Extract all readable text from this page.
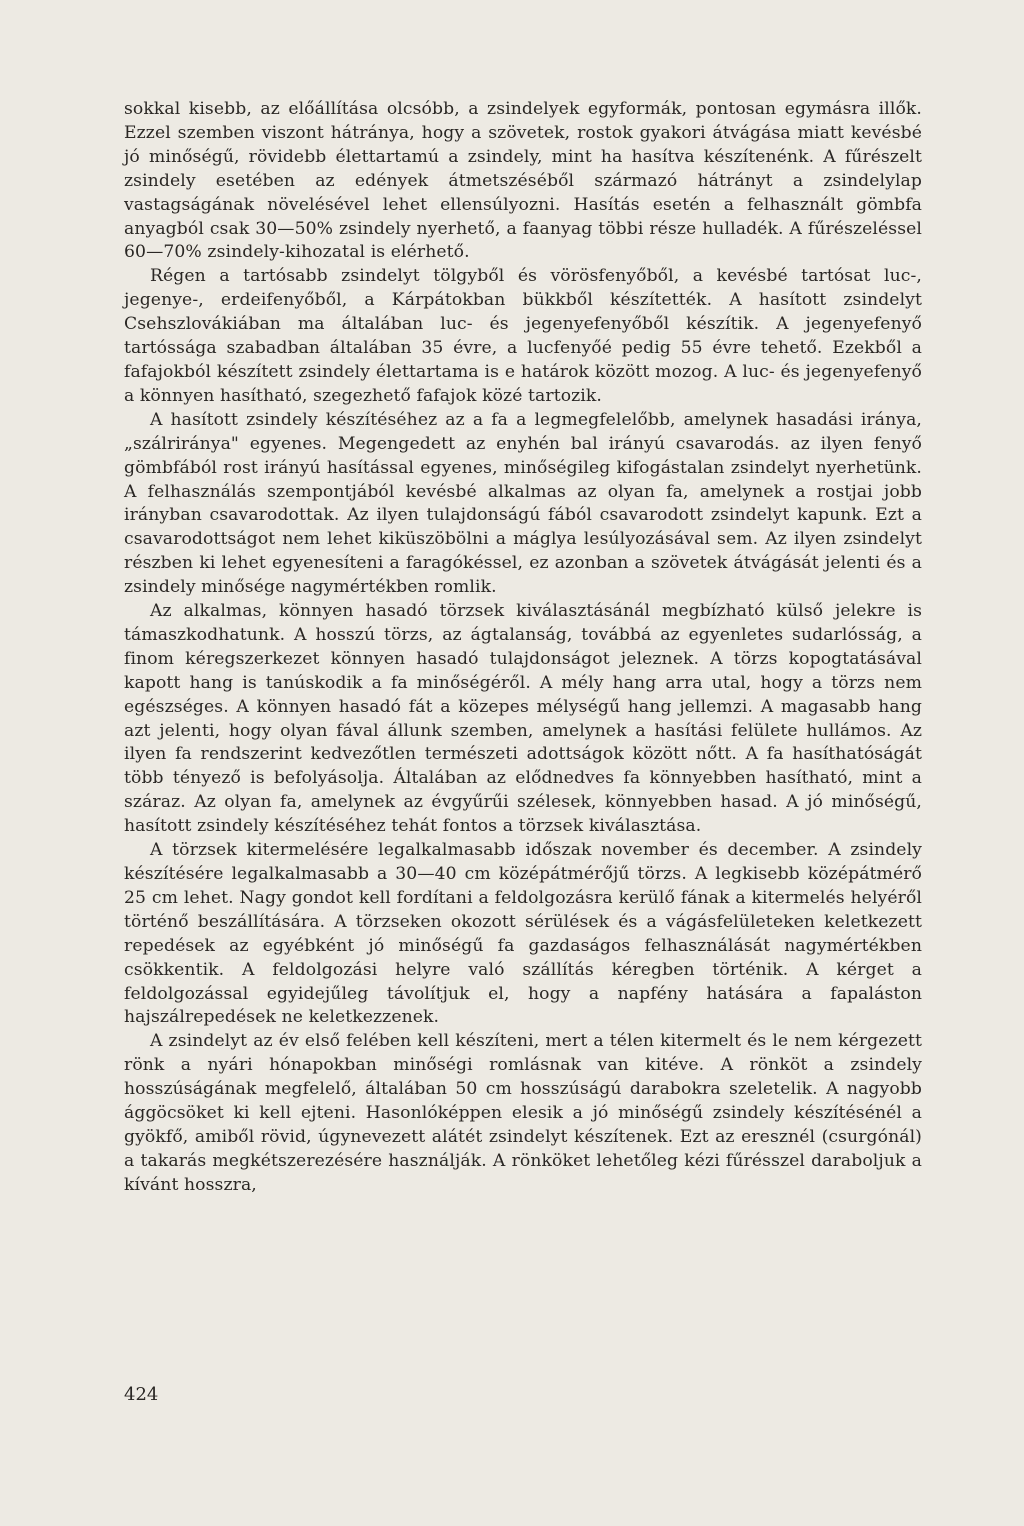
sokkal kisebb, az előállítása olcsóbb, a zsindelyek egyformák, pontosan egymásra illők. Ezzel szemben viszont hátránya, hogy a szövetek, rostok gyakori átvágása miatt kevésbé jó minőségű, rövidebb élettartamú a zsindely, mint ha hasítva készítenénk. A fűrészelt zsindely esetében az edények átmetszéséből származó hátrányt a zsindelylap vastagságának növelésével lehet ellensúlyozni. Hasítás esetén a felhasznált gömbfa anyagból csak 30—50% zsindely nyerhető, a faanyag többi része hulladék. A fűrészeléssel 60—70% zsindely-kihozatal is elérhető.

Régen a tartósabb zsindelyt tölgyből és vörösfenyőből, a kevésbé tartósat luc-, jegenye-, erdeifenyőből, a Kárpátokban bükkből készítették. A hasított zsindelyt Csehszlovákiában ma általában luc- és jegenyefenyőből készítik. A jegenyefenyő tartóssága szabadban általában 35 évre, a lucfenyőé pedig 55 évre tehető. Ezekből a fafajokból készített zsindely élettartama is e határok között mozog. A luc- és jegenyefenyő a könnyen hasítható, szegezhető fafajok közé tartozik.

A hasított zsindely készítéséhez az a fa a legmegfelelőbb, amelynek hasadási iránya, „szálriránya" egyenes. Megengedett az enyhén bal irányú csavarodás. az ilyen fenyő gömbfából rost irányú hasítással egyenes, minőségileg kifogástalan zsindelyt nyerhetünk. A felhasználás szempontjából kevésbé alkalmas az olyan fa, amelynek a rostjai jobb irányban csavarodottak. Az ilyen tulajdonságú fából csavarodott zsindelyt kapunk. Ezt a csavarodottságot nem lehet kiküszöbölni a máglya lesúlyozásával sem. Az ilyen zsindelyt részben ki lehet egyenesíteni a faragókéssel, ez azonban a szövetek átvágását jelenti és a zsindely minősége nagymértékben romlik.

Az alkalmas, könnyen hasadó törzsek kiválasztásánál megbízható külső jelekre is támaszkodhatunk. A hosszú törzs, az ágtalanság, továbbá az egyenletes sudarlósság, a finom kéregszerkezet könnyen hasadó tulajdonságot jeleznek. A törzs kopogtatásával kapott hang is tanúskodik a fa minőségéről. A mély hang arra utal, hogy a törzs nem egészséges. A könnyen hasadó fát a közepes mélységű hang jellemzi. A magasabb hang azt jelenti, hogy olyan fával állunk szemben, amelynek a hasítási felülete hullámos. Az ilyen fa rendszerint kedvezőtlen természeti adottságok között nőtt. A fa hasíthatóságát több tényező is befolyásolja. Általában az elődnedves fa könnyebben hasítható, mint a száraz. Az olyan fa, amelynek az évgyűrűi szélesek, könnyebben hasad. A jó minőségű, hasított zsindely készítéséhez tehát fontos a törzsek kiválasztása.

A törzsek kitermelésére legalkalmasabb időszak november és december. A zsindely készítésére legalkalmasabb a 30—40 cm középátmérőjű törzs. A legkisebb középátmérő 25 cm lehet. Nagy gondot kell fordítani a feldolgozásra kerülő fának a kitermelés helyéről történő beszállítására. A törzseken okozott sérülések és a vágásfelületeken keletkezett repedések az egyébként jó minőségű fa gazdaságos felhasználását nagymértékben csökkentik. A feldolgozási helyre való szállítás kéregben történik. A kérget a feldolgozással egyidejűleg távolítjuk el, hogy a napfény hatására a fapaláston hajszálrepedések ne keletkezzenek.

A zsindelyt az év első felében kell készíteni, mert a télen kitermelt és le nem kérgezett rönk a nyári hónapokban minőségi romlásnak van kitéve. A rönköt a zsindely hosszúságának megfelelő, általában 50 cm hosszúságú darabokra szeletelik. A nagyobb ággöcsöket ki kell ejteni. Hasonlóképpen elesik a jó minőségű zsindely készítésénél a gyökfő, amiből rövid, úgynevezett alátét zsindelyt készítenek. Ezt az eresznél (csurgónál) a takarás megkétszerezésére használják. A rönköket lehetőleg kézi fűrésszel daraboljuk a kívánt hosszra,

424
